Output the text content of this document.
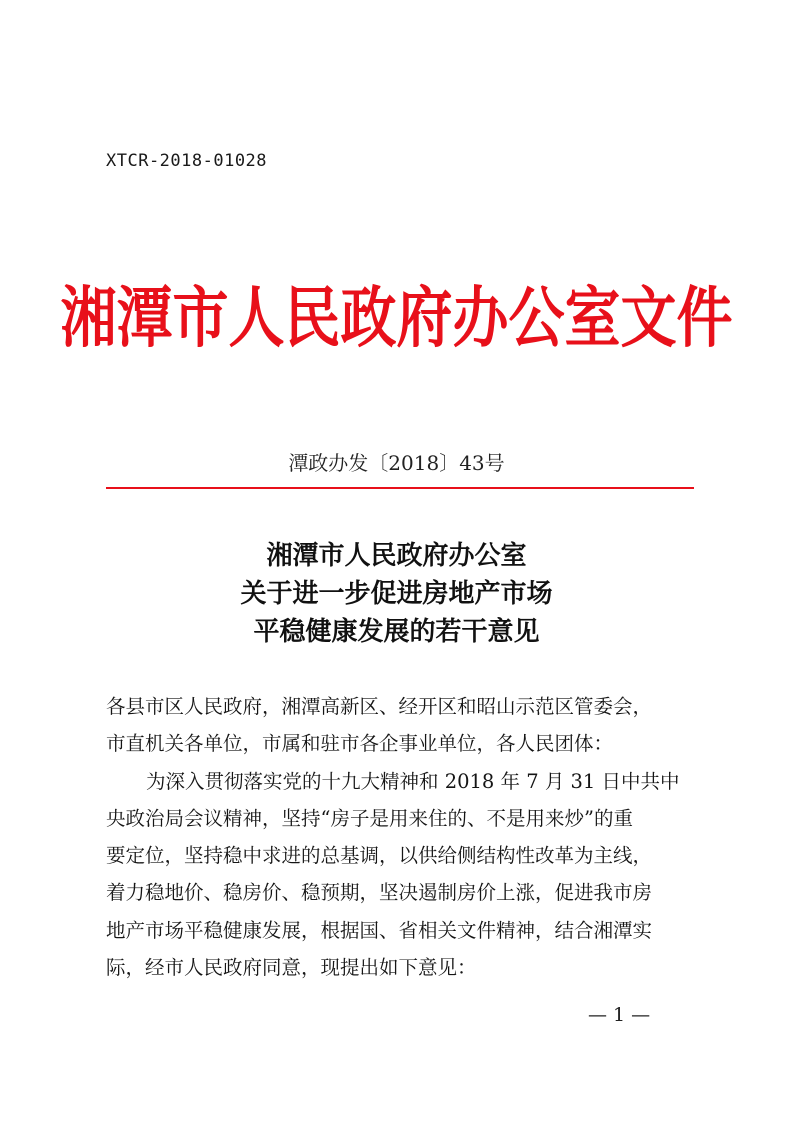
XTCR-2018-01028
湘潭市人民政府办公室文件
潭政办发〔2018〕43号
湘潭市人民政府办公室
关于进一步促进房地产市场
平稳健康发展的若干意见
各县市区人民政府，湘潭高新区、经开区和昭山示范区管委会，
市直机关各单位，市属和驻市各企事业单位，各人民团体：
为深入贯彻落实党的十九大精神和 2018 年 7 月 31 日中共中
央政治局会议精神，坚持“房子是用来住的、不是用来炒”的重
要定位，坚持稳中求进的总基调，以供给侧结构性改革为主线，
着力稳地价、稳房价、稳预期，坚决遏制房价上涨，促进我市房
地产市场平稳健康发展，根据国、省相关文件精神，结合湘潭实
际，经市人民政府同意，现提出如下意见：
— 1 —
